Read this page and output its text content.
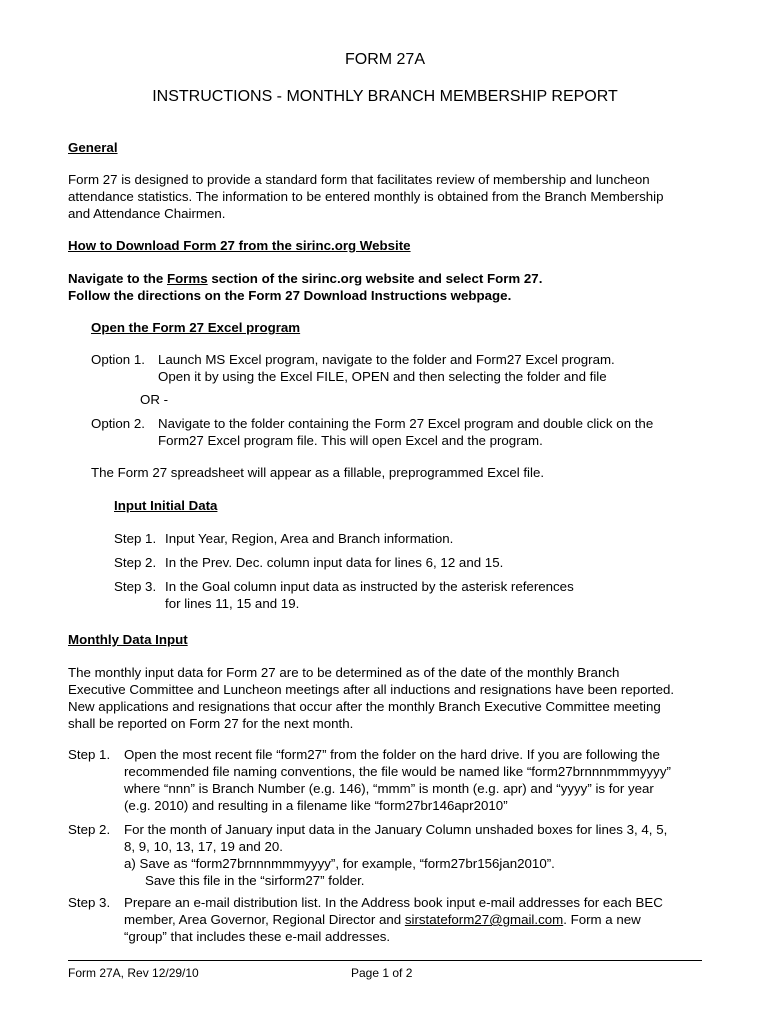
FORM 27A
INSTRUCTIONS - MONTHLY BRANCH MEMBERSHIP REPORT
General
Form 27 is designed to provide a standard form that facilitates review of membership and luncheon
attendance statistics. The information to be entered monthly is obtained from the Branch Membership
and Attendance Chairmen.
How to Download Form 27 from the sirinc.org Website
Navigate to the Forms section of the sirinc.org website and select Form 27.
Follow the directions on the Form 27 Download Instructions webpage.
Open the Form 27 Excel program
Option 1. Launch MS Excel program, navigate to the folder and Form27 Excel program.
Open it by using the Excel FILE, OPEN and then selecting the folder and file
OR -
Option 2. Navigate to the folder containing the Form 27 Excel program and double click on the
Form27 Excel program file. This will open Excel and the program.
The Form 27 spreadsheet will appear as a fillable, preprogrammed Excel file.
Input Initial Data
Step 1. Input Year, Region, Area and Branch information.
Step 2. In the Prev. Dec. column input data for lines 6, 12 and 15.
Step 3. In the Goal column input data as instructed by the asterisk references
for lines 11, 15 and 19.
Monthly Data Input
The monthly input data for Form 27 are to be determined as of the date of the monthly Branch
Executive Committee and Luncheon meetings after all inductions and resignations have been reported.
New applications and resignations that occur after the monthly Branch Executive Committee meeting
shall be reported on Form 27 for the next month.
Step 1. Open the most recent file “form27” from the folder on the hard drive. If you are following the
recommended file naming conventions, the file would be named like “form27brnnnmmmyyyy”
where “nnn” is Branch Number (e.g. 146), “mmm” is month (e.g. apr) and “yyyy” is for year
(e.g. 2010) and resulting in a filename like “form27br146apr2010”
Step 2. For the month of January input data in the January Column unshaded boxes for lines 3, 4, 5,
8, 9, 10, 13, 17, 19 and 20.
a) Save as “form27brnnnmmmyyyy”, for example, “form27br156jan2010”.
Save this file in the “sirform27” folder.
Step 3. Prepare an e-mail distribution list. In the Address book input e-mail addresses for each BEC
member, Area Governor, Regional Director and sirstateform27@gmail.com. Form a new
“group” that includes these e-mail addresses.
Form 27A, Rev 12/29/10	Page 1 of 2
